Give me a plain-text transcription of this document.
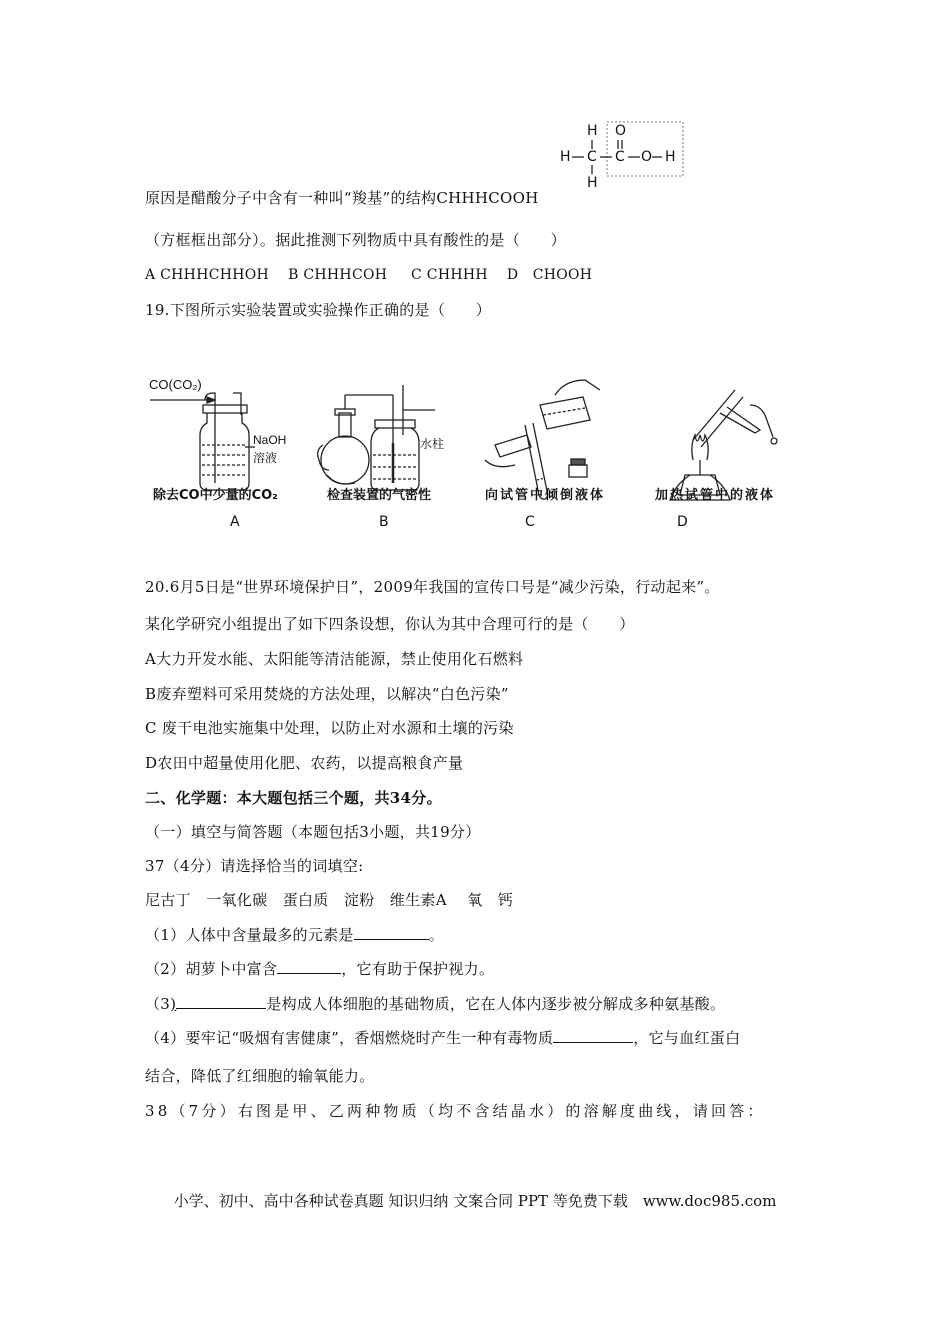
H O
H C C O H
H
原因是醋酸分子中含有一种叫“羧基”的结构CHHHCOOH
（方框框出部分）。据此推测下列物质中具有酸性的是（　　）
A CHHHCHHOH　 B CHHHCOH 　 C CHHHH　 D　CHOOH
19.下图所示实验装置或实验操作正确的是（　　）
CO(CO₂)
NaOH
溶液
水柱
除去CO中少量的CO₂	检查装置的气密性	向试管中倾倒液体	加热试管中的液体
A	B	C	D
20.6月5日是“世界环境保护日”，2009年我国的宣传口号是“减少污染，行动起来”。
某化学研究小组提出了如下四条设想，你认为其中合理可行的是（　　）
A大力开发水能、太阳能等清洁能源，禁止使用化石燃料
B废弃塑料可采用焚烧的方法处理，以解决“白色污染”
C 废干电池实施集中处理，以防止对水源和土壤的污染
D农田中超量使用化肥、农药，以提高粮食产量
二、化学题：本大题包括三个题，共34分。
（一）填空与简答题（本题包括3小题，共19分）
37（4分）请选择恰当的词填空:
尼古丁　一氧化碳　蛋白质　淀粉　维生素A　 氧　钙
（1）人体中含量最多的元素是	。
（2）胡萝卜中富含	，它有助于保护视力。
（3)	是构成人体细胞的基础物质，它在人体内逐步被分解成多种氨基酸。
（4）要牢记“吸烟有害健康”，香烟燃烧时产生一种有毒物质	，它与血红蛋白
结合，降低了红细胞的输氧能力。
38（7分）右图是甲、乙两种物质（均不含结晶水）的溶解度曲线，请回答：
小学、初中、高中各种试卷真题 知识归纳 文案合同 PPT 等免费下载　www.doc985.com
